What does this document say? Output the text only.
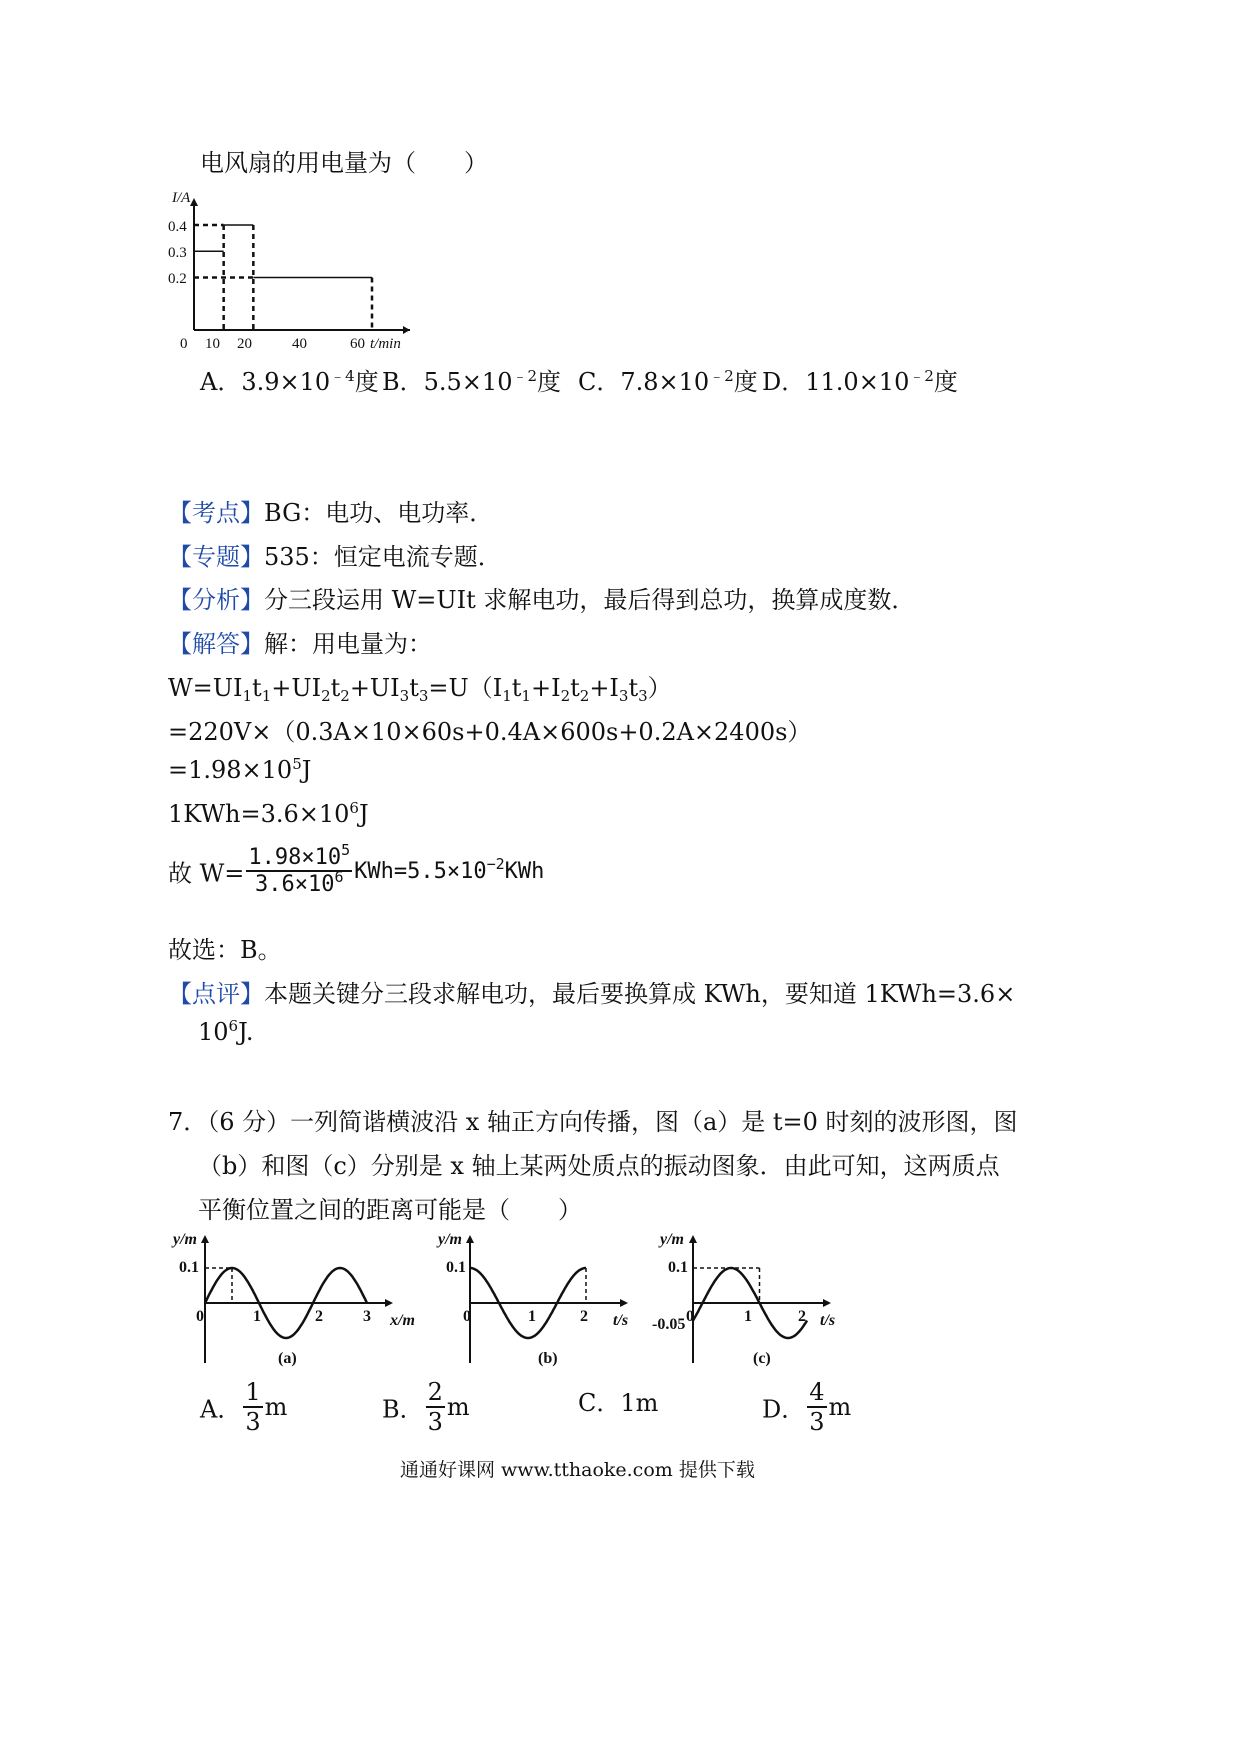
电风扇的用电量为（　　）
I/A
0.4
0.3
0.2
0 10 20	40	60 t/min
A．$3.9\times 10^{﹣4}$度 B．$5.5\times 10^{﹣2}$度 C．$7.8\times 10^{﹣2}$度 D．$11.0\times 10^{﹣2}$度
【考点】BG：电功、电功率．
【专题】535：恒定电流专题．
【分析】分三段运用 W=UIt 求解电功，最后得到总功，换算成度数．
【解答】解：用电量为：
$W=UI_1t_1+UI_2t_2+UI_3t_3=U(I_1t_1+I_2t_2+I_3t_3)$
=220V×（0.3A×10×60s+0.4A×600s+0.2A×2400s）
$=1.98\times 10^5J$
$1KWh=3.6\times 10^6J$
故 $W= \frac{1.98\times 10^5}{3.6\times 10^6} KWh=5.5\times 10^{-2}KWh$
故选：B。
【点评】本题关键分三段求解电功，最后要换算成 KWh，要知道 1KWh=3.6×
$10^6J$.
7．（6 分）一列简谐横波沿 x 轴正方向传播，图（a）是 t=0 时刻的波形图，图
（b）和图（c）分别是 x 轴上某两处质点的振动图象．由此可知，这两质点
平衡位置之间的距离可能是（　　）
y/m
0.1
0	1	2	3 x/m
(a)
y/m
0.1
0	1	2 t/s
(b)
y/m
0.1
-0.05 0	1	2 t/s
(c)
A． $\frac{1}{3}$ m	B． $\frac{2}{3}$ m	C．1m	D． $\frac{4}{3}$ m
通通好课网 www.tthaoke.com 提供下载
